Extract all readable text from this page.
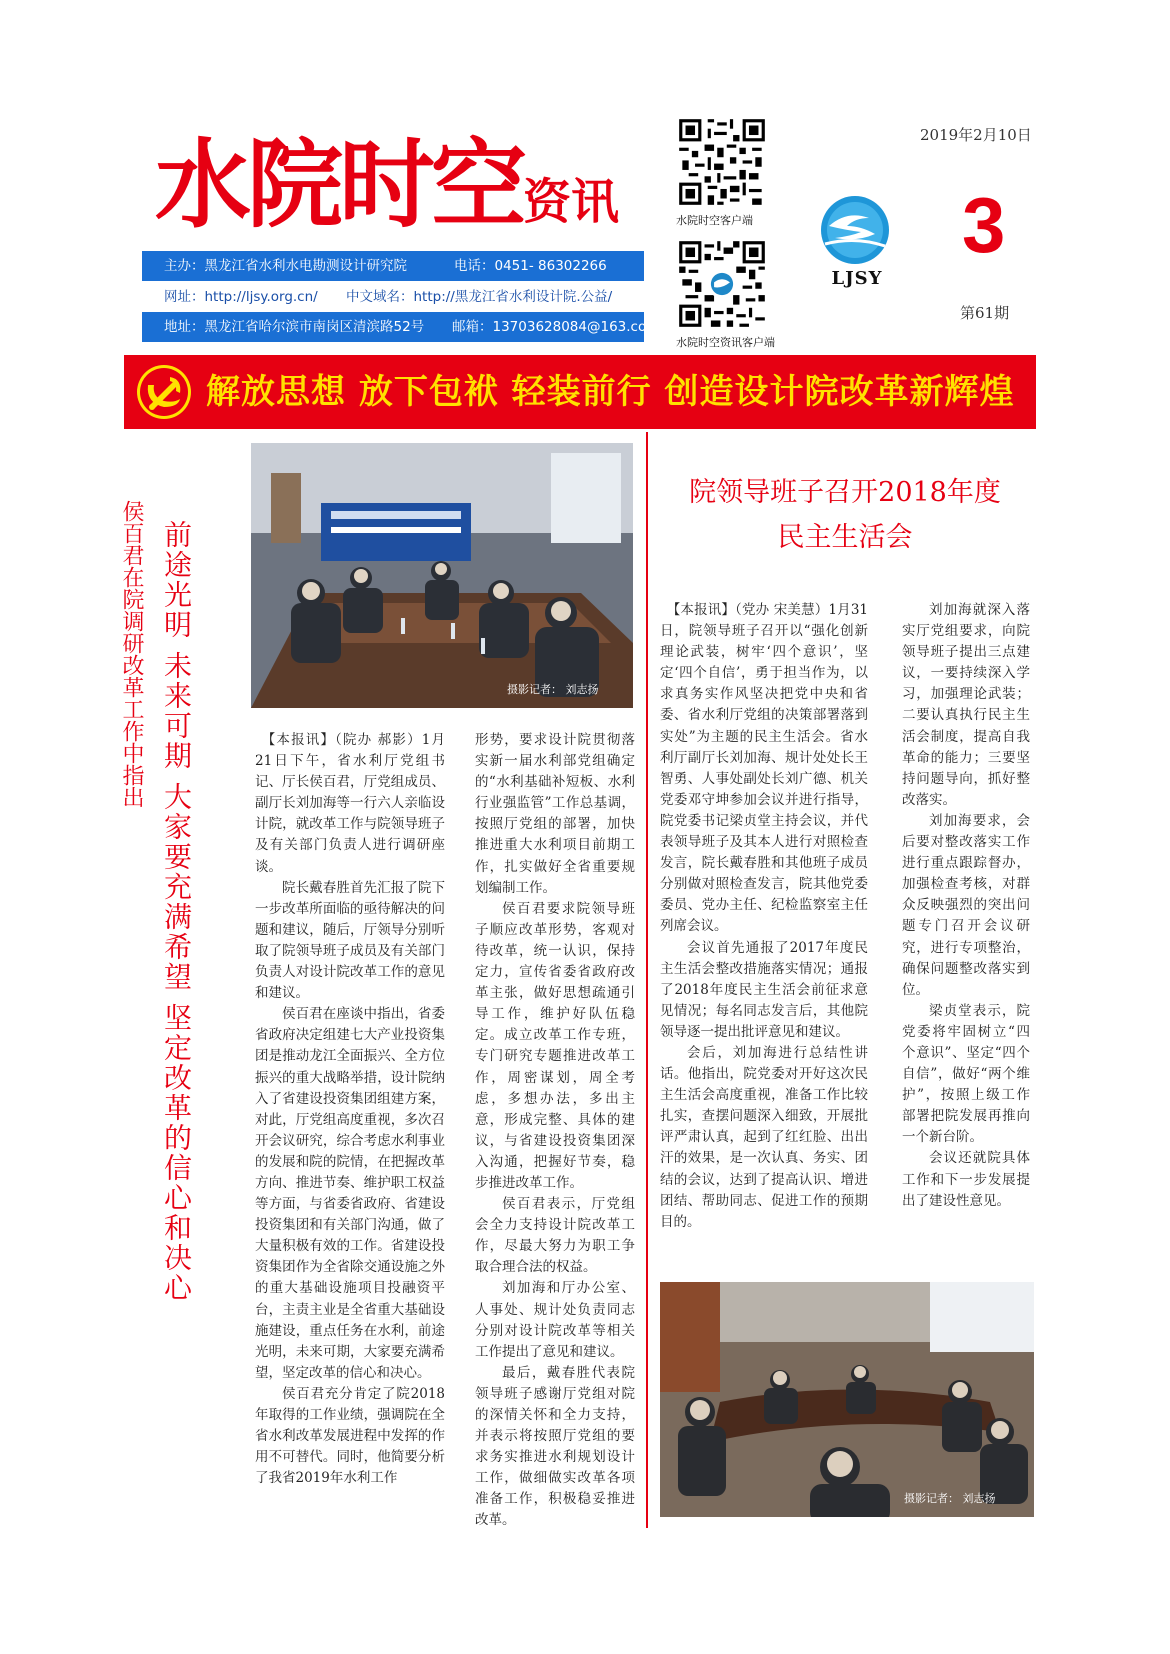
水院时空资讯
主办：黑龙江省水利水电勘测设计研究院	电话：0451- 86302266
网址：http://ljsy.org.cn/ 中文域名：http://黑龙江省水利设计院.公益/
地址：黑龙江省哈尔滨市南岗区清滨路52号 邮箱：13703628084@163.com
水院时空客户端
水院时空资讯客户端
LJSY
2019年2月10日
3
第61期
解放思想 放下包袱 轻装前行 创造设计院改革新辉煌
侯百君在院调研改革工作中指出 前途光明 未来可期 大家要充满希望 坚定改革的信心和决心	摄影记者： 刘志扬

【本报讯】（院办 郝影）1月21日下午，省水利厅党组书记、厅长侯百君，厅党组成员、副厅长刘加海等一行六人亲临设计院，就改革工作与院领导班子及有关部门负责人进行调研座谈。

院长戴春胜首先汇报了院下一步改革所面临的亟待解决的问题和建议，随后，厅领导分别听取了院领导班子成员及有关部门负责人对设计院改革工作的意见和建议。

侯百君在座谈中指出，省委省政府决定组建七大产业投资集团是推动龙江全面振兴、全方位振兴的重大战略举措，设计院纳入了省建设投资集团组建方案，对此，厅党组高度重视，多次召开会议研究，综合考虑水利事业的发展和院的院情，在把握改革方向、推进节奏、维护职工权益等方面，与省委省政府、省建设投资集团和有关部门沟通，做了大量积极有效的工作。省建设投资集团作为全省除交通设施之外的重大基础设施项目投融资平台，主责主业是全省重大基础设施建设，重点任务在水利，前途光明，未来可期，大家要充满希望，坚定改革的信心和决心。

侯百君充分肯定了院2018年取得的工作业绩，强调院在全省水利改革发展进程中发挥的作用不可替代。同时，他简要分析了我省2019年水利工作

形势，要求设计院贯彻落实新一届水利部党组确定的“水利基础补短板、水利行业强监管”工作总基调，按照厅党组的部署，加快推进重大水利项目前期工作，扎实做好全省重要规划编制工作。

侯百君要求院领导班子顺应改革形势，客观对待改革，统一认识，保持定力，宣传省委省政府改革主张，做好思想疏通引导工作，维护好队伍稳定。成立改革工作专班，专门研究专题推进改革工作，周密谋划，周全考虑，多想办法，多出主意，形成完整、具体的建议，与省建设投资集团深入沟通，把握好节奏，稳步推进改革工作。

侯百君表示，厅党组会全力支持设计院改革工作，尽最大努力为职工争取合理合法的权益。

刘加海和厅办公室、人事处、规计处负责同志分别对设计院改革等相关工作提出了意见和建议。

最后，戴春胜代表院领导班子感谢厅党组对院的深情关怀和全力支持，并表示将按照厅党组的要求务实推进水利规划设计工作，做细做实改革各项准备工作，积极稳妥推进改革。

院领导班子召开2018年度
民主生活会

【本报讯】（党办 宋美慧）1月31日，院领导班子召开以“强化创新理论武装，树牢‘四个意识’，坚定‘四个自信’，勇于担当作为，以求真务实作风坚决把党中央和省委、省水利厅党组的决策部署落到实处”为主题的民主生活会。省水利厅副厅长刘加海、规计处处长王智勇、人事处副处长刘广德、机关党委邓守坤参加会议并进行指导，院党委书记梁贞堂主持会议，并代表领导班子及其本人进行对照检查发言，院长戴春胜和其他班子成员分别做对照检查发言，院其他党委委员、党办主任、纪检监察室主任列席会议。

会议首先通报了2017年度民主生活会整改措施落实情况；通报了2018年度民主生活会前征求意见情况；每名同志发言后，其他院领导逐一提出批评意见和建议。

会后，刘加海进行总结性讲话。他指出，院党委对开好这次民主生活会高度重视，准备工作比较扎实，查摆问题深入细致，开展批评严肃认真，起到了红红脸、出出汗的效果，是一次认真、务实、团结的会议，达到了提高认识、增进团结、帮助同志、促进工作的预期目的。

刘加海就深入落实厅党组要求，向院领导班子提出三点建议，一要持续深入学习，加强理论武装；二要认真执行民主生活会制度，提高自我革命的能力；三要坚持问题导向，抓好整改落实。

刘加海要求，会后要对整改落实工作进行重点跟踪督办，加强检查考核，对群众反映强烈的突出问题专门召开会议研究，进行专项整治，确保问题整改落实到位。

梁贞堂表示，院党委将牢固树立“四个意识”、坚定“四个自信”，做好“两个维护”，按照上级工作部署把院发展再推向一个新台阶。

会议还就院具体工作和下一步发展提出了建设性意见。

摄影记者： 刘志扬
